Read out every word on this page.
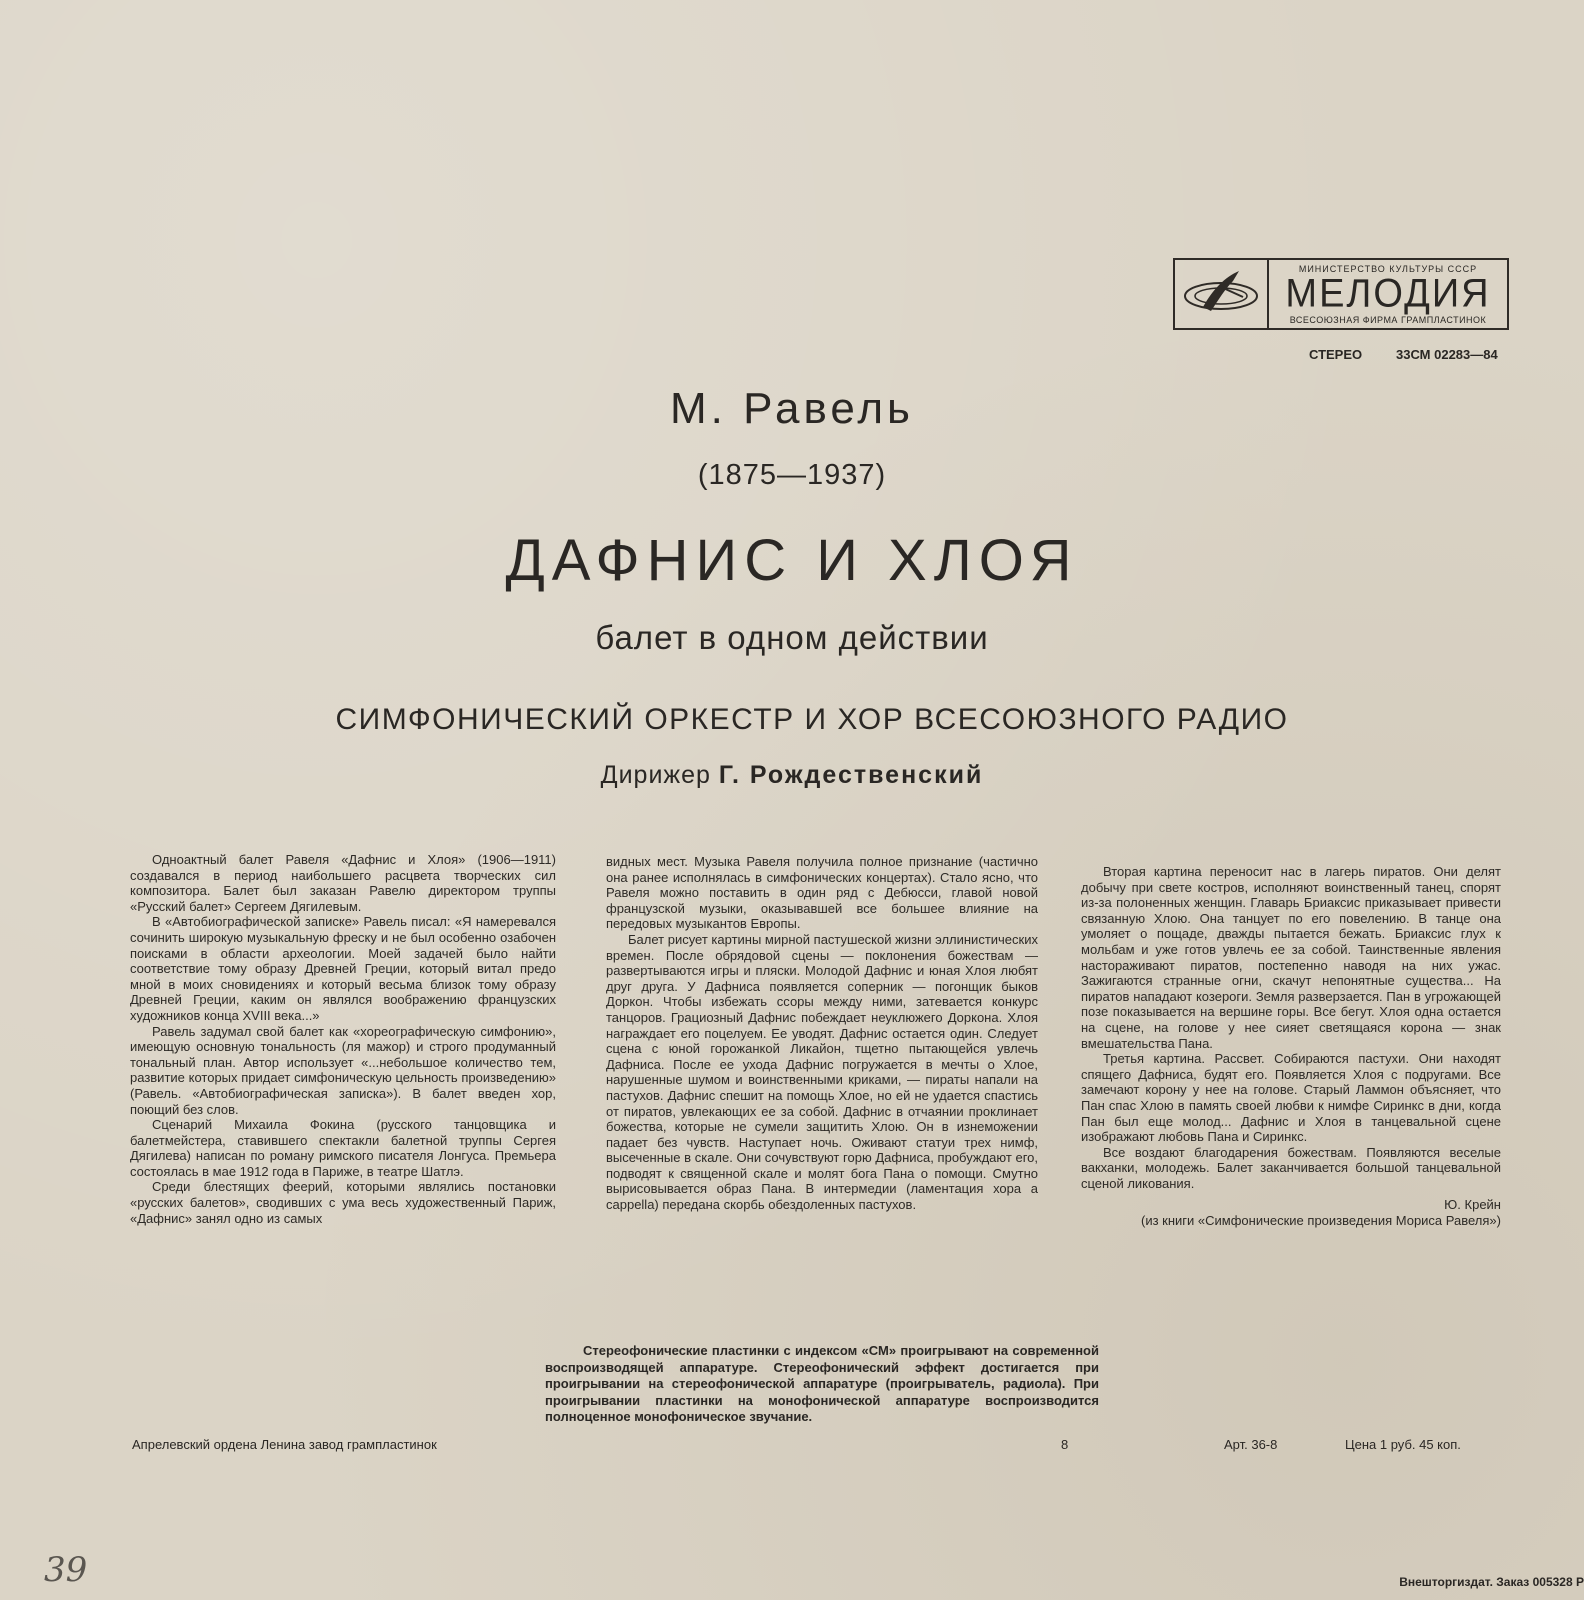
МИНИСТЕРСТВО КУЛЬТУРЫ СССР
МЕЛОДИЯ
ВСЕСОЮЗНАЯ ФИРМА ГРАМПЛАСТИНОК
СТЕРЕО	33СМ 02283—84
М. Равель
(1875—1937)
ДАФНИС И ХЛОЯ
балет в одном действии
СИМФОНИЧЕСКИЙ ОРКЕСТР И ХОР ВСЕСОЮЗНОГО РАДИО
Дирижер Г. Рождественский

Одноактный балет Равеля «Дафнис и Хлоя» (1906—1911) создавался в период наибольшего расцвета творческих сил композитора. Балет был заказан Равелю директором труппы «Русский балет» Сергеем Дягилевым.

В «Автобиографической записке» Равель писал: «Я намеревался сочинить широкую музыкальную фреску и не был особенно озабочен поисками в области археологии. Моей задачей было найти соответствие тому образу Древней Греции, который витал предо мной в моих сновидениях и который весьма близок тому образу Древней Греции, каким он являлся воображению французских художников конца XVIII века...»

Равель задумал свой балет как «хореографическую симфонию», имеющую основную тональность (ля мажор) и строго продуманный тональный план. Автор использует «...небольшое количество тем, развитие которых придает симфоническую цельность произведению» (Равель. «Автобиографическая записка»). В балет введен хор, поющий без слов.

Сценарий Михаила Фокина (русского танцовщика и балетмейстера, ставившего спектакли балетной труппы Сергея Дягилева) написан по роману римского писателя Лонгуса. Премьера состоялась в мае 1912 года в Париже, в театре Шатлэ.

Среди блестящих феерий, которыми являлись постановки «русских балетов», сводивших с ума весь художественный Париж, «Дафнис» занял одно из самых

видных мест. Музыка Равеля получила полное признание (частично она ранее исполнялась в симфонических концертах). Стало ясно, что Равеля можно поставить в один ряд с Дебюсси, главой новой французской музыки, оказывавшей все большее влияние на передовых музыкантов Европы.

Балет рисует картины мирной пастушеской жизни эллинистических времен. После обрядовой сцены — поклонения божествам — развертываются игры и пляски. Молодой Дафнис и юная Хлоя любят друг друга. У Дафниса появляется соперник — погонщик быков Доркон. Чтобы избежать ссоры между ними, затевается конкурс танцоров. Грациозный Дафнис побеждает неуклюжего Доркона. Хлоя награждает его поцелуем. Ее уводят. Дафнис остается один. Следует сцена с юной горожанкой Ликайон, тщетно пытающейся увлечь Дафниса. После ее ухода Дафнис погружается в мечты о Хлое, нарушенные шумом и воинственными криками, — пираты напали на пастухов. Дафнис спешит на помощь Хлое, но ей не удается спастись от пиратов, увлекающих ее за собой. Дафнис в отчаянии проклинает божества, которые не сумели защитить Хлою. Он в изнеможении падает без чувств. Наступает ночь. Оживают статуи трех нимф, высеченные в скале. Они сочувствуют горю Дафниса, пробуждают его, подводят к священной скале и молят бога Пана о помощи. Смутно вырисовывается образ Пана. В интермедии (ламентация хора a cappella) передана скорбь обездоленных пастухов.

Вторая картина переносит нас в лагерь пиратов. Они делят добычу при свете костров, исполняют воинственный танец, спорят из-за полоненных женщин. Главарь Бриаксис приказывает привести связанную Хлою. Она танцует по его повелению. В танце она умоляет о пощаде, дважды пытается бежать. Бриаксис глух к мольбам и уже готов увлечь ее за собой. Таинственные явления настораживают пиратов, постепенно наводя на них ужас. Зажигаются странные огни, скачут непонятные существа... На пиратов нападают козероги. Земля разверзается. Пан в угрожающей позе показывается на вершине горы. Все бегут. Хлоя одна остается на сцене, на голове у нее сияет светящаяся корона — знак вмешательства Пана.

Третья картина. Рассвет. Собираются пастухи. Они находят спящего Дафниса, будят его. Появляется Хлоя с подругами. Все замечают корону у нее на голове. Старый Ламмон объясняет, что Пан спас Хлою в память своей любви к нимфе Сиринкс в дни, когда Пан был еще молод... Дафнис и Хлоя в танцевальной сцене изображают любовь Пана и Сиринкс.

Все воздают благодарения божествам. Появляются веселые вакханки, молодежь. Балет заканчивается большой танцевальной сценой ликования.

Ю. Крейн

(из книги «Симфонические произведения Мориса Равеля»)

Стереофонические пластинки с индексом «СМ» проигрывают на современной воспроизводящей аппаратуре. Стереофонический эффект достигается при проигрывании на стереофонической аппаратуре (проигрыватель, радиола). При проигрывании пластинки на монофонической аппаратуре воспроизводится полноценное монофоническое звучание.
Апрелевский ордена Ленина завод грампластинок	8	Арт. 36-8	Цена 1 руб. 45 коп.
Внешторгиздат. Заказ 005328 Р
39
